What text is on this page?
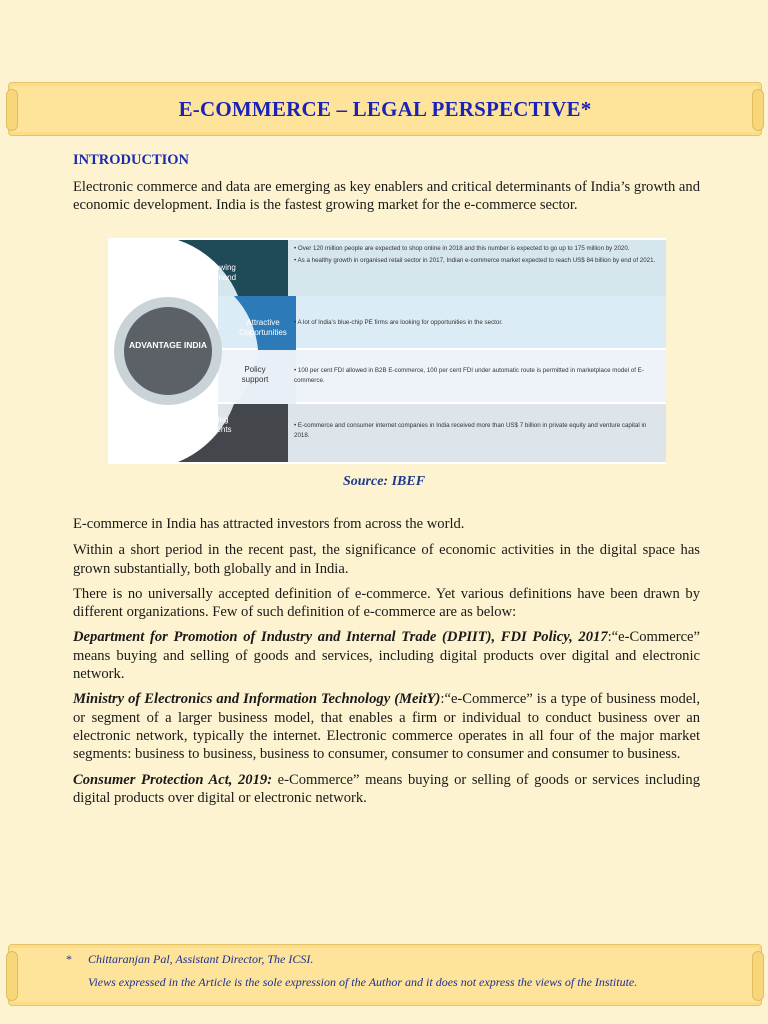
E-COMMERCE – LEGAL PERSPECTIVE*
INTRODUCTION

Electronic commerce and data are emerging as key enablers and critical determinants of India’s growth and economic development. India is the fastest growing market for the e-commerce sector.

ADVANTAGE INDIA
Growing Demand
Attractive Opportunities
Policy support
Increasing Investments
• Over 120 million people are expected to shop online in 2018 and this number is expected to go up to 175 million by 2020.
• As a healthy growth in organised retail sector in 2017, Indian e-commerce market expected to reach US$ 84 billion by end of 2021.
• A lot of India’s blue-chip PE firms are looking for opportunities in the sector.
• 100 per cent FDI allowed in B2B E-commerce, 100 per cent FDI under automatic route is permitted in marketplace model of E-commerce.
• E-commerce and consumer internet companies in India received more than US$ 7 billion in private equity and venture capital in 2018.
Source: IBEF

E-commerce in India has attracted investors from across the world.

Within a short period in the recent past, the significance of economic activities in the digital space has grown substantially, both globally and in India.

There is no universally accepted definition of e-commerce. Yet various definitions have been drawn by different organizations. Few of such definition of e-commerce are as below:

Department for Promotion of Industry and Internal Trade (DPIIT), FDI Policy, 2017:“e-Commerce” means buying and selling of goods and services, including digital products over digital and electronic network.

Ministry of Electronics and Information Technology (MeitY):“e-Commerce” is a type of business model, or segment of a larger business model, that enables a firm or individual to conduct business over an electronic network, typically the internet. Electronic commerce operates in all four of the major market segments: business to business, business to consumer, consumer to consumer and consumer to business.

Consumer Protection Act, 2019: e-Commerce” means buying or selling of goods or services including digital products over digital or electronic network.

* Chittaranjan Pal, Assistant Director, The ICSI.
Views expressed in the Article is the sole expression of the Author and it does not express the views of the Institute.
